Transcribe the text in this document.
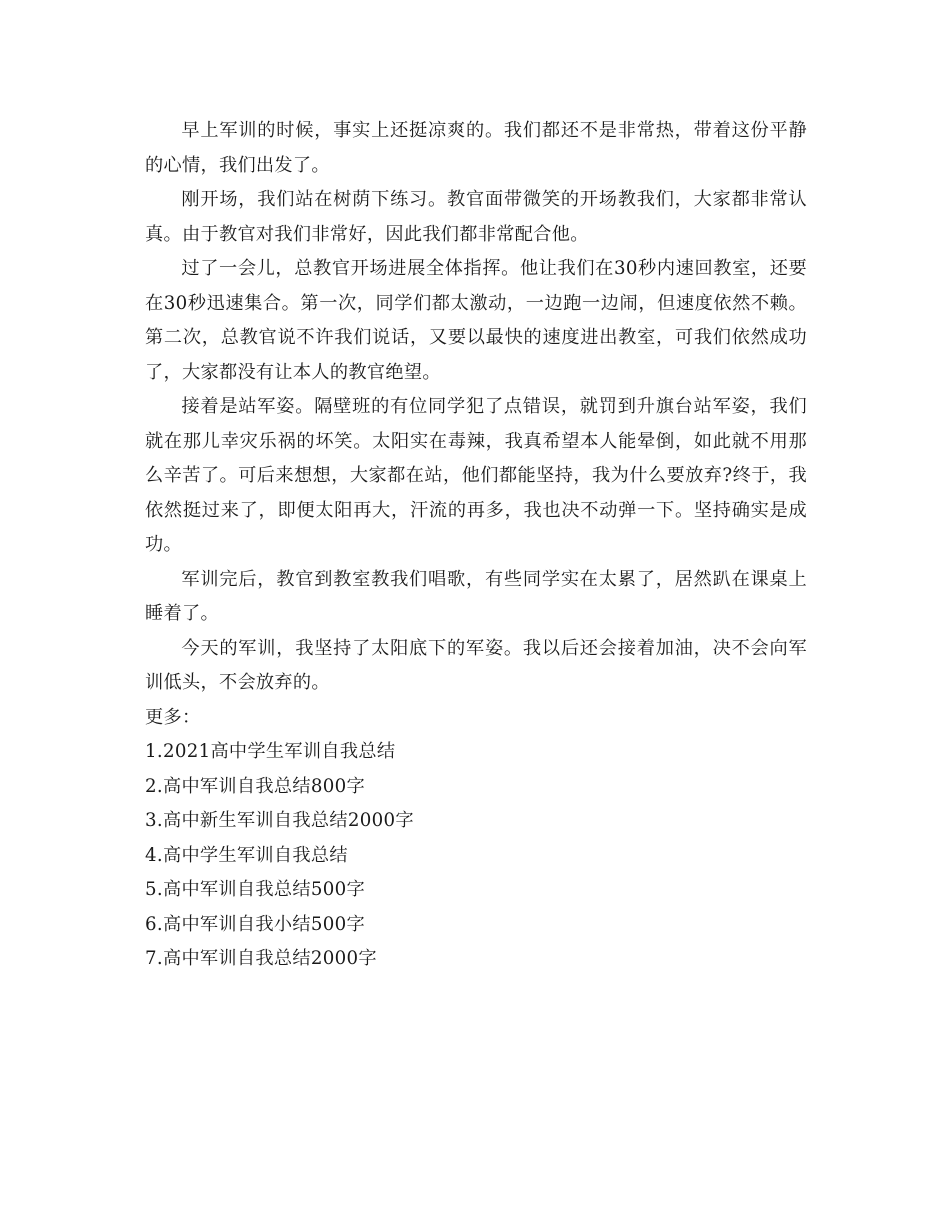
早上军训的时候，事实上还挺凉爽的。我们都还不是非常热，带着这份平静的心情，我们出发了。

刚开场，我们站在树荫下练习。教官面带微笑的开场教我们，大家都非常认真。由于教官对我们非常好，因此我们都非常配合他。

过了一会儿，总教官开场进展全体指挥。他让我们在30秒内速回教室，还要在30秒迅速集合。第一次，同学们都太激动，一边跑一边闹，但速度依然不赖。第二次，总教官说不许我们说话，又要以最快的速度进出教室，可我们依然成功了，大家都没有让本人的教官绝望。

接着是站军姿。隔壁班的有位同学犯了点错误，就罚到升旗台站军姿，我们就在那儿幸灾乐祸的坏笑。太阳实在毒辣，我真希望本人能晕倒，如此就不用那么辛苦了。可后来想想，大家都在站，他们都能坚持，我为什么要放弃?终于，我依然挺过来了，即便太阳再大，汗流的再多，我也决不动弹一下。坚持确实是成功。

军训完后，教官到教室教我们唱歌，有些同学实在太累了，居然趴在课桌上睡着了。

今天的军训，我坚持了太阳底下的军姿。我以后还会接着加油，决不会向军训低头，不会放弃的。

更多：

1.2021高中学生军训自我总结
2.高中军训自我总结800字
3.高中新生军训自我总结2000字
4.高中学生军训自我总结
5.高中军训自我总结500字
6.高中军训自我小结500字
7.高中军训自我总结2000字
